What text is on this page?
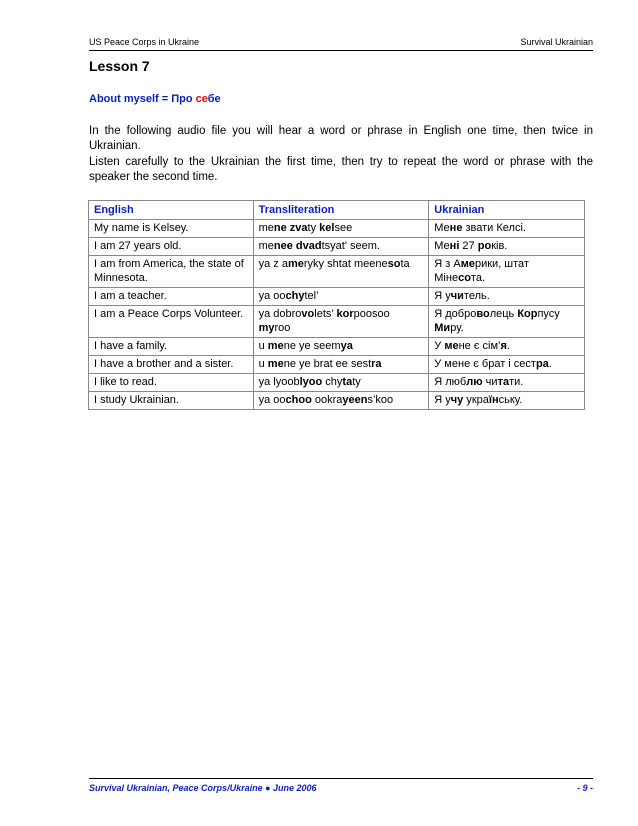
US Peace Corps in Ukraine	Survival Ukrainian
Lesson 7
About myself = Про себе
In the following audio file you will hear a word or phrase in English one time, then twice in Ukrainian.
Listen carefully to the Ukrainian the first time, then try to repeat the word or phrase with the speaker the second time.
English	Transliteration	Ukrainian
My name is Kelsey.	mene zvaty kelsee	Мене звати Келсі.
I am 27 years old.	menee dvadtsyat' seem.	Мені 27 років.
I am from America, the state of Minnesota.	ya z ameryky shtat meenesota	Я з Америки, штат Мінесота.
I am a teacher.	ya oochytel’	Я учитель.
I am a Peace Corps Volunteer.	ya dobrovolets’ korpoosoo myroo	Я доброволець Корпусу Миру.
I have a family.	u mene ye seemya	У мене є сім’я.
I have a brother and a sister.	u mene ye brat ee sestra	У мене є брат і сестра.
I like to read.	ya lyooblyoo chytaty	Я люблю читати.
I study Ukrainian.	ya oochoo ookrayeens’koo	Я учу українську.
Survival Ukrainian, Peace Corps/Ukraine ● June 2006	- 9 -
